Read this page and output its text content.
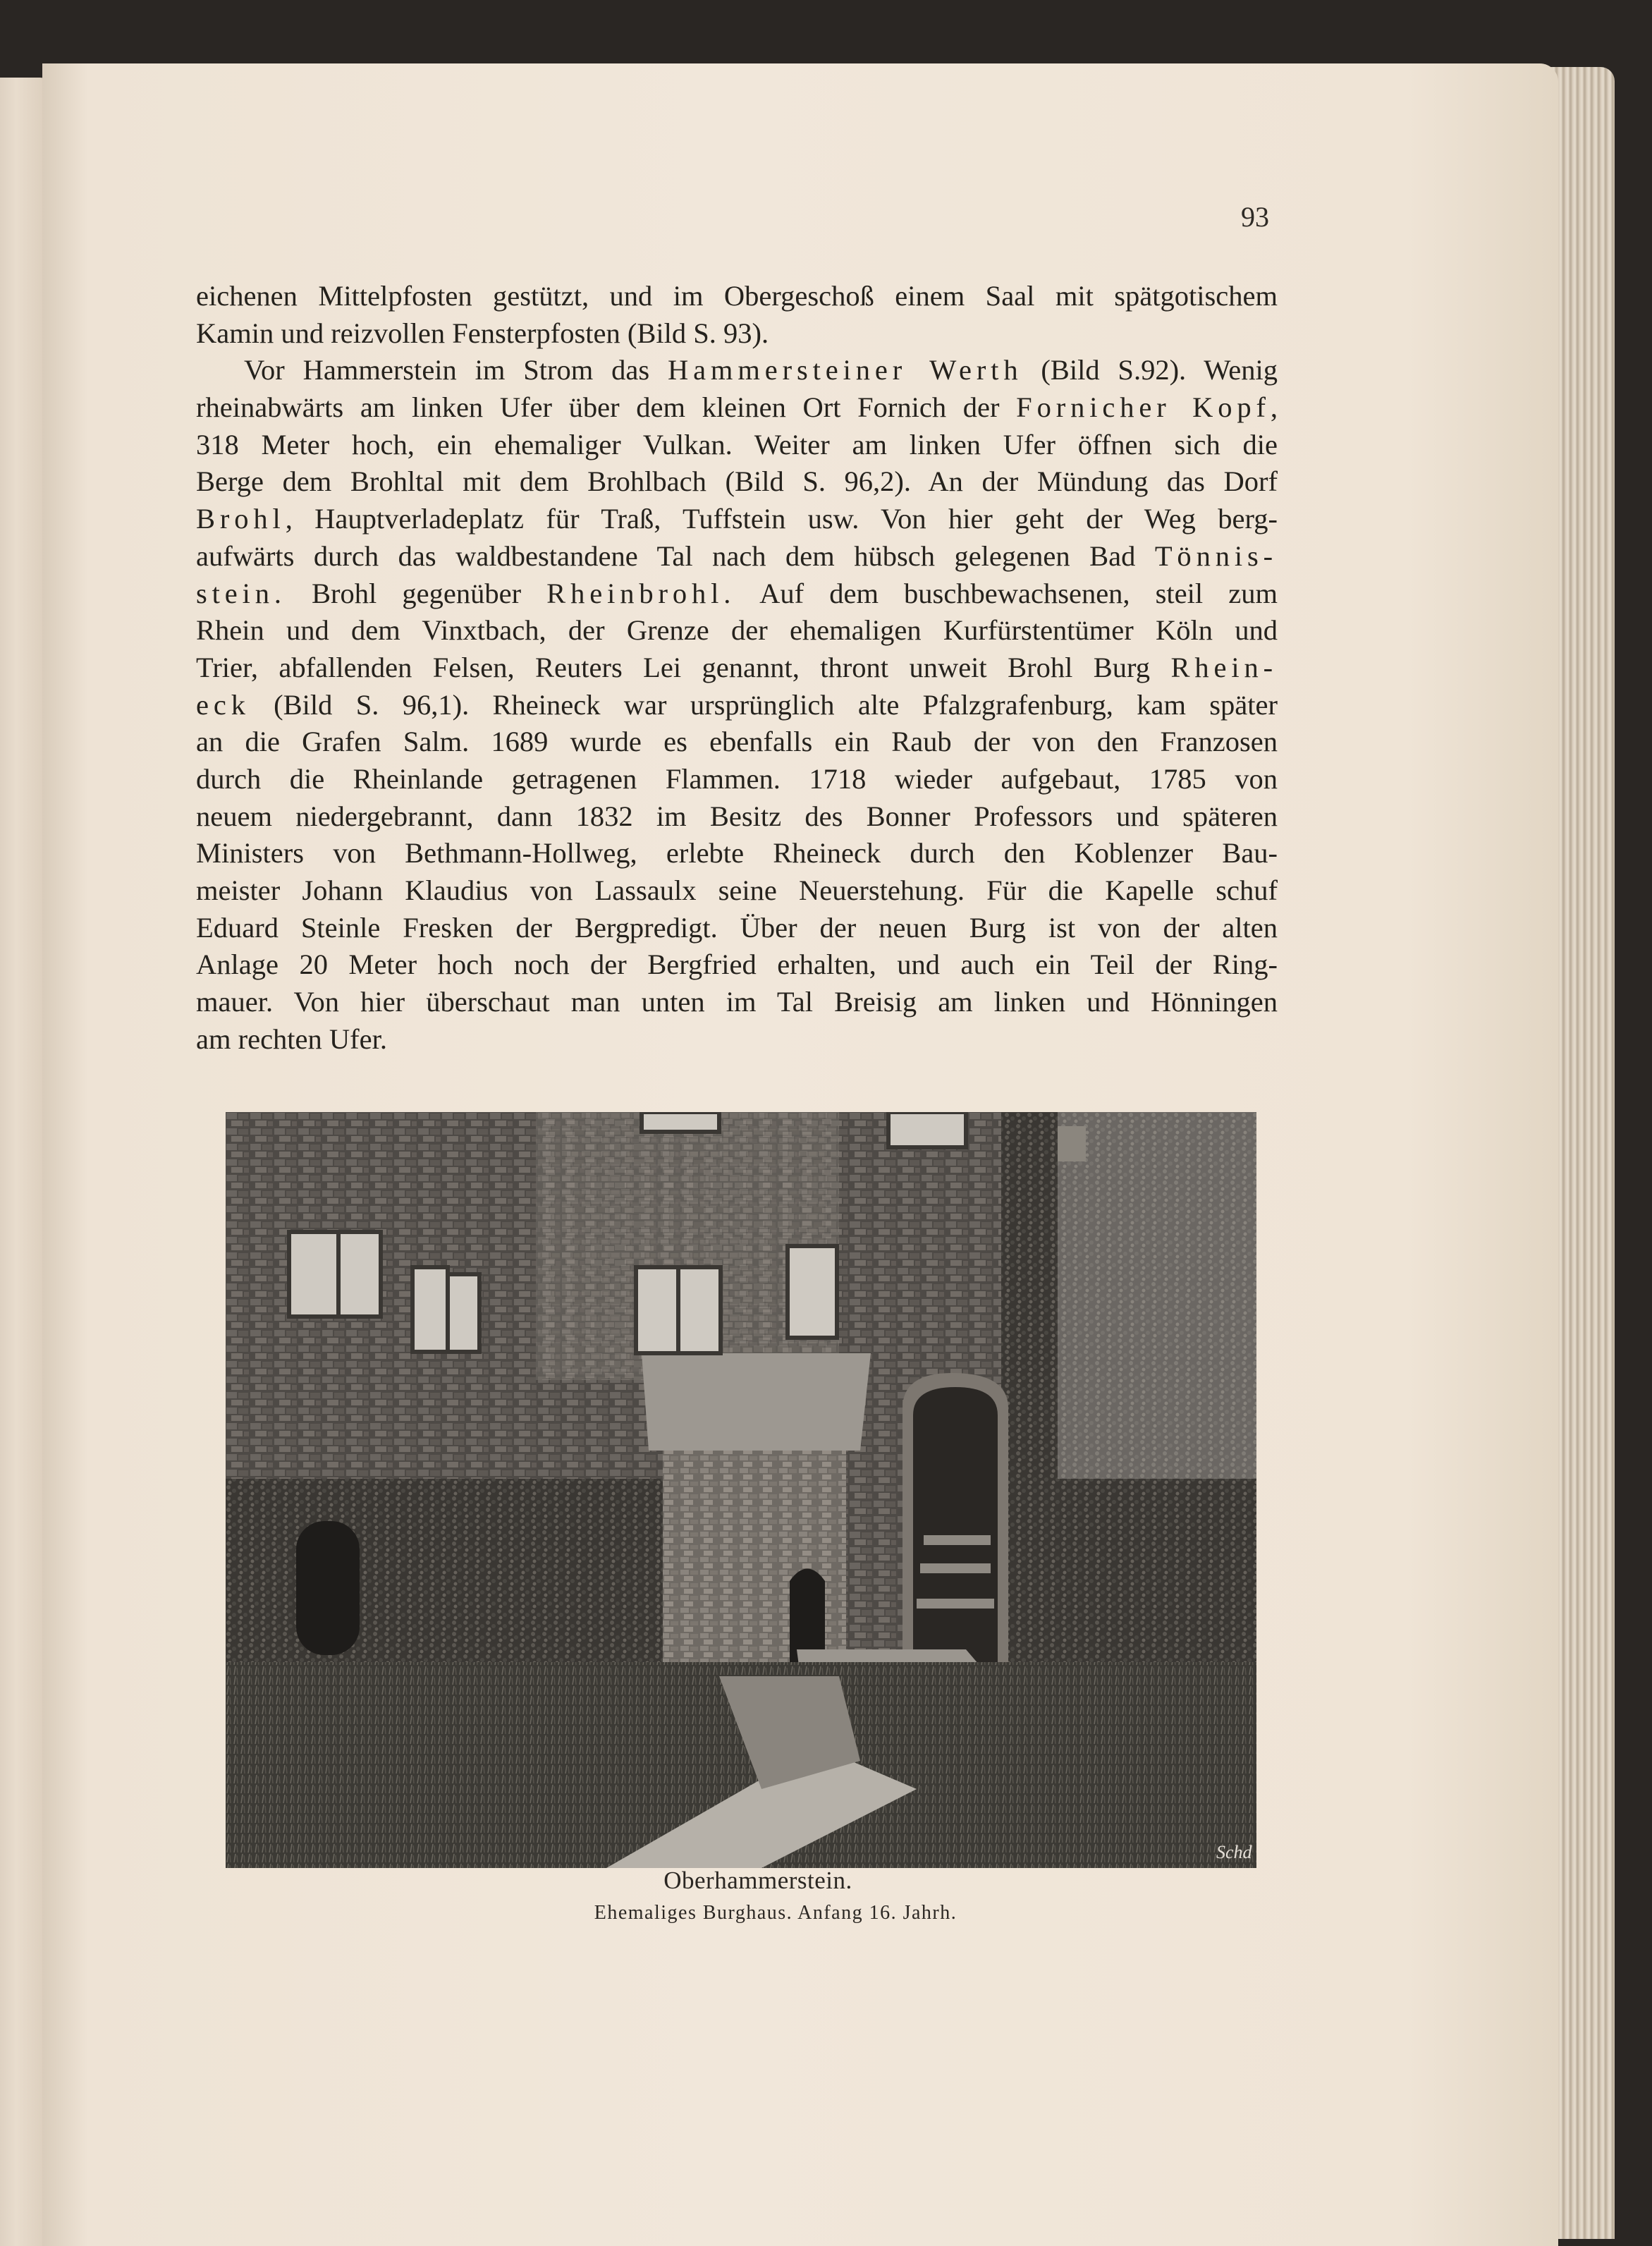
93
eichenen Mittelpfosten gestützt, und im Obergeschoß einem Saal mit spätgotischem
Kamin und reizvollen Fensterpfosten (Bild S. 93).
Vor Hammerstein im Strom das Hammersteiner Werth (Bild S.92). Wenig
rheinabwärts am linken Ufer über dem kleinen Ort Fornich der Fornicher Kopf,
318 Meter hoch, ein ehemaliger Vulkan. Weiter am linken Ufer öffnen sich die
Berge dem Brohltal mit dem Brohlbach (Bild S. 96,2). An der Mündung das Dorf
Brohl, Hauptverladeplatz für Traß, Tuffstein usw. Von hier geht der Weg berg-
aufwärts durch das waldbestandene Tal nach dem hübsch gelegenen Bad Tönnis-
stein. Brohl gegenüber Rheinbrohl. Auf dem buschbewachsenen, steil zum
Rhein und dem Vinxtbach, der Grenze der ehemaligen Kurfürstentümer Köln und
Trier, abfallenden Felsen, Reuters Lei genannt, thront unweit Brohl Burg Rhein-
eck (Bild S. 96,1). Rheineck war ursprünglich alte Pfalzgrafenburg, kam später
an die Grafen Salm. 1689 wurde es ebenfalls ein Raub der von den Franzosen
durch die Rheinlande getragenen Flammen. 1718 wieder aufgebaut, 1785 von
neuem niedergebrannt, dann 1832 im Besitz des Bonner Professors und späteren
Ministers von Bethmann-Hollweg, erlebte Rheineck durch den Koblenzer Bau-
meister Johann Klaudius von Lassaulx seine Neuerstehung. Für die Kapelle schuf
Eduard Steinle Fresken der Bergpredigt. Über der neuen Burg ist von der alten
Anlage 20 Meter hoch noch der Bergfried erhalten, und auch ein Teil der Ring-
mauer. Von hier überschaut man unten im Tal Breisig am linken und Hönningen
am rechten Ufer.
Schd
Oberhammerstein.
Ehemaliges Burghaus. Anfang 16. Jahrh.
